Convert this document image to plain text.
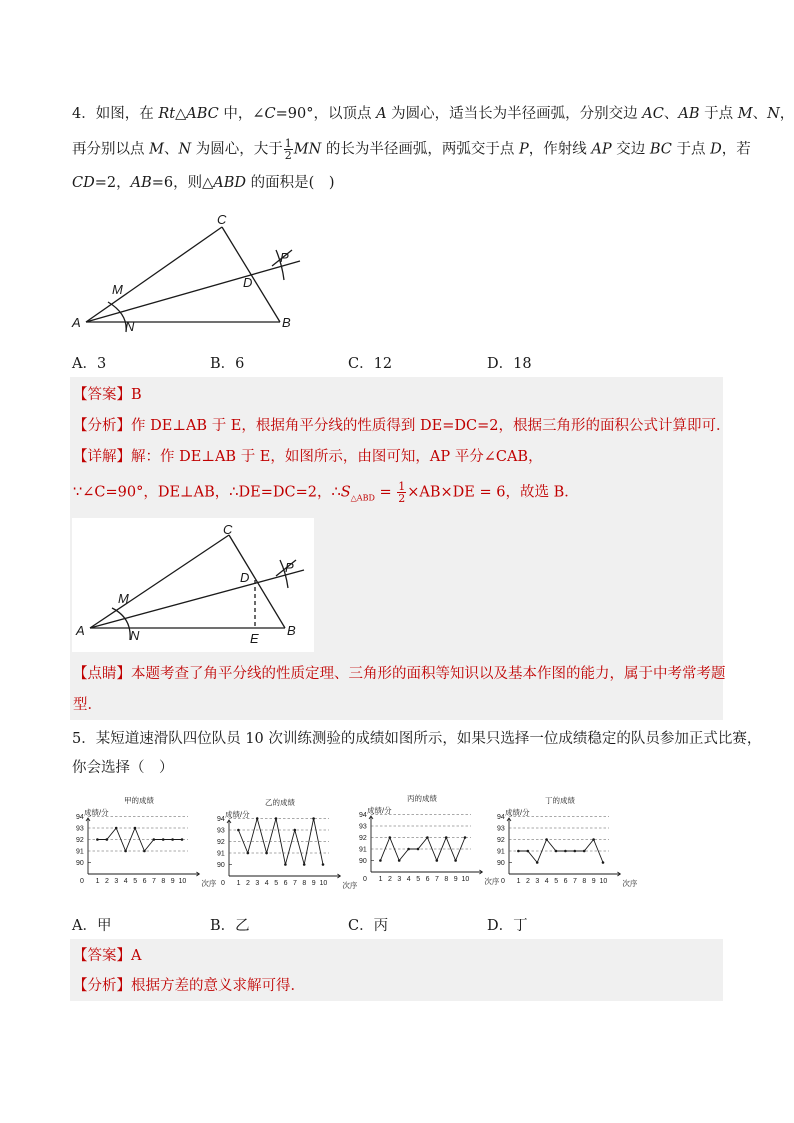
4．如图，在 Rt△ABC 中，∠C=90°，以顶点 A 为圆心，适当长为半径画弧，分别交边 AC、AB 于点 M、N，
再分别以点 M、N 为圆心，大于 $\frac{1}{2}$ MN 的长为半径画弧，两弧交于点 P，作射线 AP 交边 BC 于点 D，若
CD=2，AB=6，则△ABD 的面积是(　)
A	B
C
M
N
D
P
A．3	B．6	C．12	D．18
【答案】B
【分析】作 DE⊥AB 于 E，根据角平分线的性质得到 DE=DC=2，根据三角形的面积公式计算即可．
【详解】解：作 DE⊥AB 于 E，如图所示，由图可知，AP 平分∠CAB，
∵∠C=90°，DE⊥AB，∴DE=DC=2，$\therefore S_{\triangle ABD} = \frac{1}{2} \times AB\times DE = 6$，故选 B．
A	B
C
M
N
D
P
E
【点睛】本题考查了角平分线的性质定理、三角形的面积等知识以及基本作图的能力，属于中考常考题
型．
5．某短道速滑队四位队员 10 次训练测验的成绩如图所示，如果只选择一位成绩稳定的队员参加正式比赛，
你会选择（　）
甲的成绩
成绩/分
90
91
92
93
94
0 1 2 3 4 5 6 7 8 9 10 次序
乙的成绩
成绩/分
90
91
92
93
94
0 1 2 3 4 5 6 7 8 9 10 次序
丙的成绩
成绩/分
90
91
92
93
94
0 1 2 3 4 5 6 7 8 9 10 次序
丁的成绩
成绩/分
90
91
92
93
94
0 1 2 3 4 5 6 7 8 9 10 次序
A．甲	B．乙	C．丙	D．丁
【答案】A
【分析】根据方差的意义求解可得．
